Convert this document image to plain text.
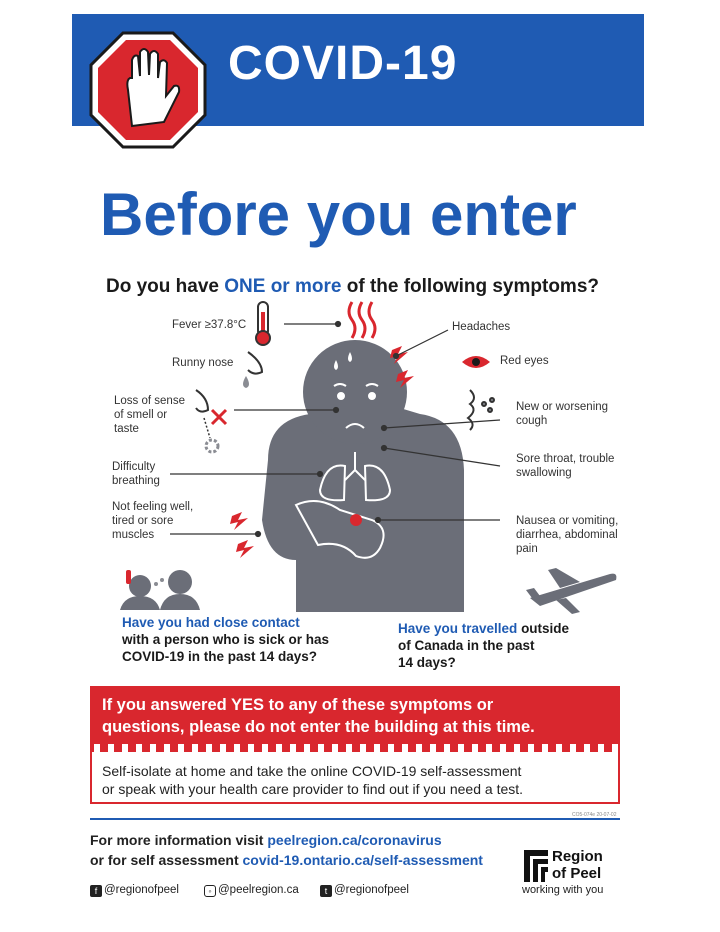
COVID-19
Before you enter
Do you have ONE or more of the following symptoms?
Fever ≥37.8°C
Runny nose
Loss of sense
of smell or
taste
Difficulty
breathing
Not feeling well,
tired or sore
muscles
Headaches
Red eyes
New or worsening
cough
Sore throat, trouble
swallowing
Nausea or vomiting,
diarrhea, abdominal
pain
Have you had close contact
with a person who is sick or has
COVID-19 in the past 14 days?
Have you travelled outside
of Canada in the past
14 days?
If you answered YES to any of these symptoms or
questions, please do not enter the building at this time.
Self-isolate at home and take the online COVID-19 self-assessment
or speak with your health care provider to find out if you need a test.
CO5-074e 20-07-02
For more information visit peelregion.ca/coronavirus
or for self assessment covid-19.ontario.ca/self-assessment
f @regionofpeel	◦ @peelregion.ca	t @regionofpeel
Region
of Peel
working with you
